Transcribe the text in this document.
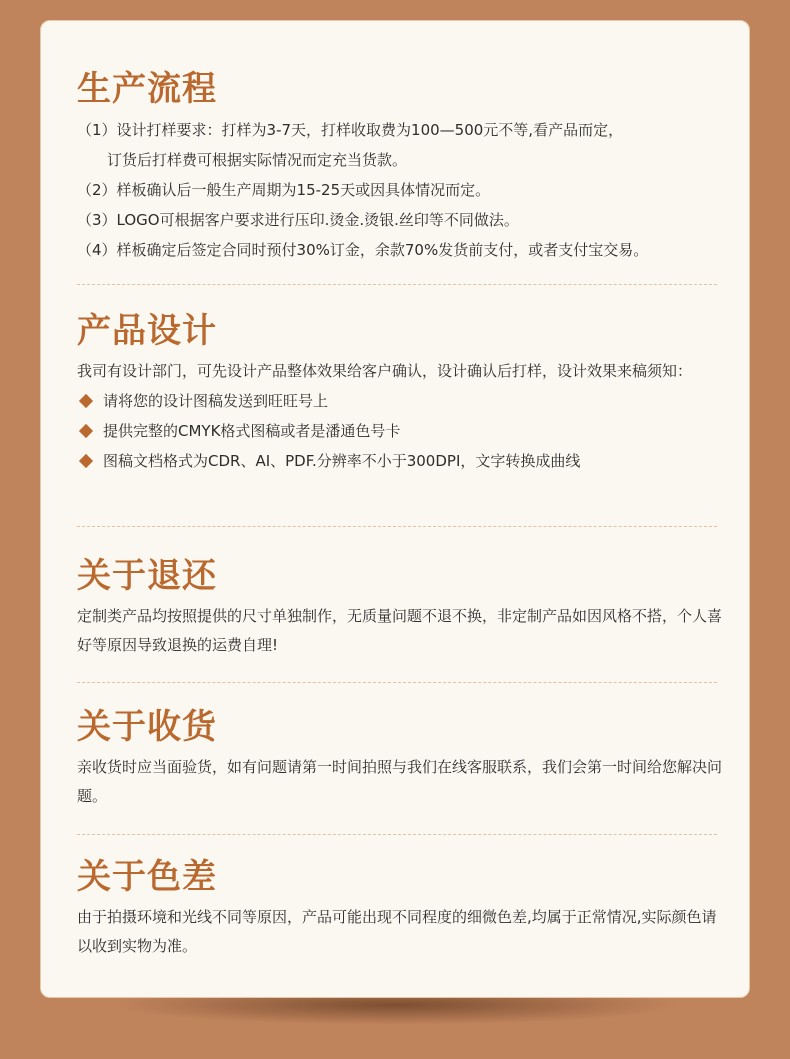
生产流程
（1）设计打样要求：打样为3-7天，打样收取费为100—500元不等,看产品而定，
订货后打样费可根据实际情况而定充当货款。
（2）样板确认后一般生产周期为15-25天或因具体情况而定。
（3）LOGO可根据客户要求进行压印.烫金.烫银.丝印等不同做法。
（4）样板确定后签定合同时预付30%订金，余款70%发货前支付，或者支付宝交易。
产品设计
我司有设计部门，可先设计产品整体效果给客户确认，设计确认后打样，设计效果来稿须知：
请将您的设计图稿发送到旺旺号上
提供完整的CMYK格式图稿或者是潘通色号卡
图稿文档格式为CDR、AI、PDF.分辨率不小于300DPI，文字转换成曲线
关于退还
定制类产品均按照提供的尺寸单独制作，无质量问题不退不换，非定制产品如因风格不搭，个人喜好等原因导致退换的运费自理!
关于收货
亲收货时应当面验货，如有问题请第一时间拍照与我们在线客服联系，我们会第一时间给您解决问题。
关于色差
由于拍摄环境和光线不同等原因，产品可能出现不同程度的细微色差,均属于正常情况,实际颜色请以收到实物为准。
